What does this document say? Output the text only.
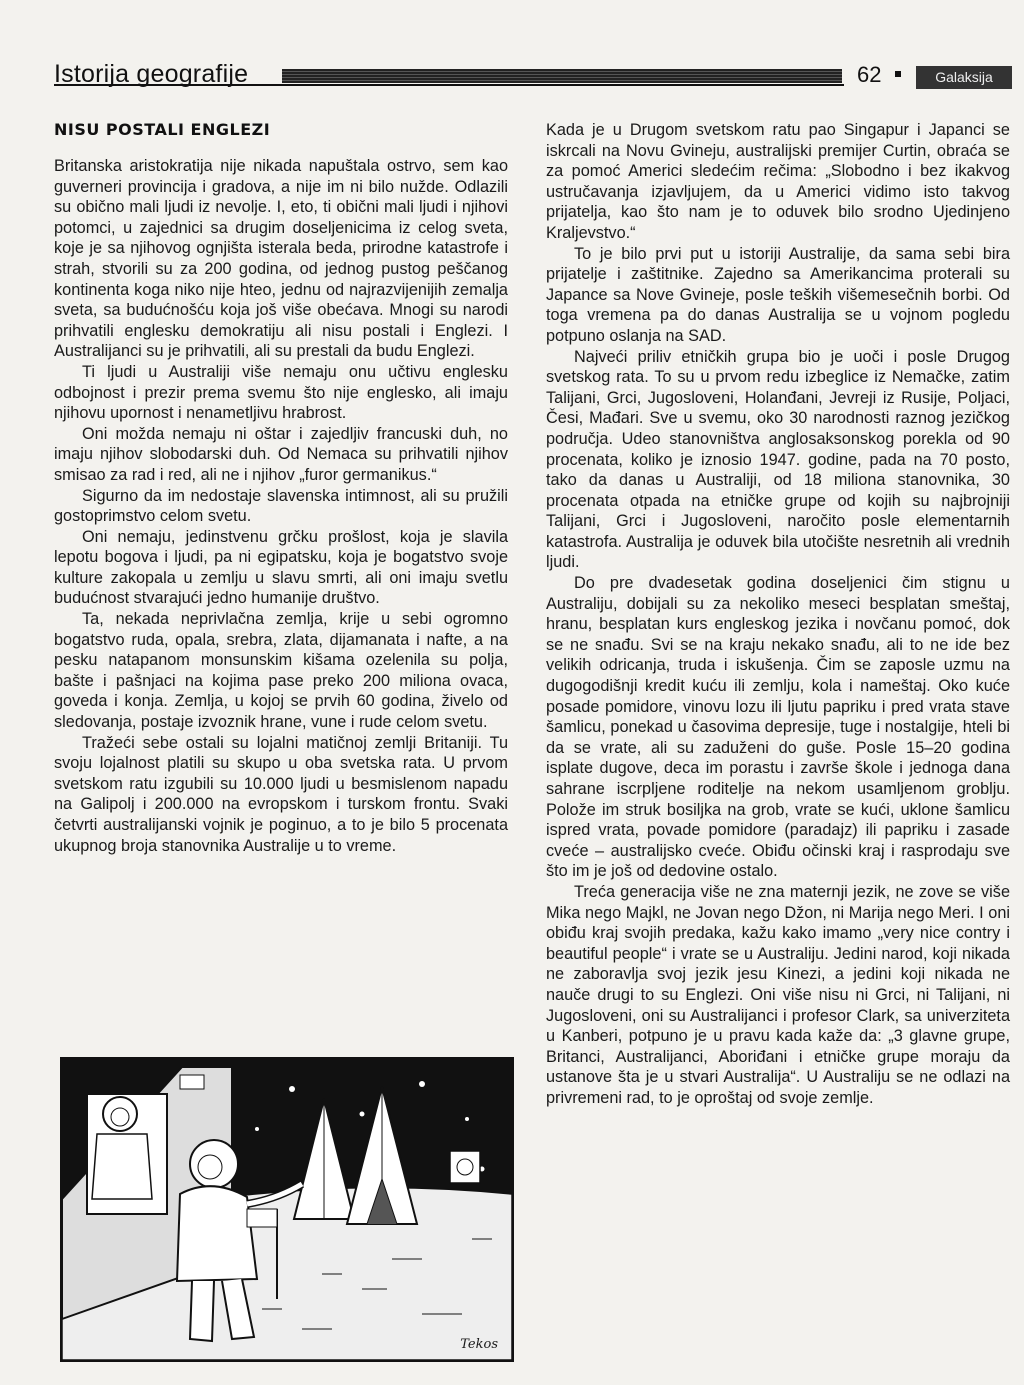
Istorija geografije	62	Galaksija
NISU POSTALI ENGLEZI

Britanska aristokratija nije nikada napuštala ostrvo, sem kao guverneri provincija i gradova, a nije im ni bilo nužde. Odlazili su obično mali ljudi iz nevolje. I, eto, ti obični mali ljudi i njihovi potomci, u zajednici sa drugim doseljenicima iz celog sveta, koje je sa njihovog ognjišta isterala beda, prirodne katastrofe i strah, stvorili su za 200 godina, od jednog pustog peščanog kontinenta koga niko nije hteo, jednu od najrazvijenijih zemalja sveta, sa budućnošću koja još više obećava. Mnogi su narodi prihvatili englesku demokratiju ali nisu postali i Englezi. I Australijanci su je prihvatili, ali su prestali da budu Englezi.

Ti ljudi u Australiji više nemaju onu učtivu englesku odbojnost i prezir prema svemu što nije englesko, ali imaju njihovu upornost i nenametljivu hrabrost.

Oni možda nemaju ni oštar i zajedljiv francuski duh, no imaju njihov slobodarski duh. Od Nemaca su prihvatili njihov smisao za rad i red, ali ne i njihov „furor germanikus.“

Sigurno da im nedostaje slavenska intimnost, ali su pružili gostoprimstvo celom svetu.

Oni nemaju, jedinstvenu grčku prošlost, koja je slavila lepotu bogova i ljudi, pa ni egipatsku, koja je bogatstvo svoje kulture zakopala u zemlju u slavu smrti, ali oni imaju svetlu budućnost stvarajući jedno humanije društvo.

Ta, nekada neprivlačna zemlja, krije u sebi ogromno bogatstvo ruda, opala, srebra, zlata, dijamanata i nafte, a na pesku natapanom monsunskim kišama ozelenila su polja, bašte i pašnjaci na kojima pase preko 200 miliona ovaca, goveda i konja. Zemlja, u kojoj se prvih 60 godina, živelo od sledovanja, postaje izvoznik hrane, vune i rude celom svetu.

Tražeći sebe ostali su lojalni matičnoj zemlji Britaniji. Tu svoju lojalnost platili su skupo u oba svetska rata. U prvom svetskom ratu izgubili su 10.000 ljudi u besmislenom napadu na Galipolj i 200.000 na evropskom i turskom frontu. Svaki četvrti australijanski vojnik je poginuo, a to je bilo 5 procenata ukupnog broja stanovnika Australije u to vreme.

Kada je u Drugom svetskom ratu pao Singapur i Japanci se iskrcali na Novu Gvineju, australijski premijer Curtin, obraća se za pomoć Americi sledećim rečima: „Slobodno i bez ikakvog ustručavanja izjavljujem, da u Americi vidimo isto takvog prijatelja, kao što nam je to oduvek bilo srodno Ujedinjeno Kraljevstvo.“

To je bilo prvi put u istoriji Australije, da sama sebi bira prijatelje i zaštitnike. Zajedno sa Amerikancima proterali su Japance sa Nove Gvineje, posle teških višemesečnih borbi. Od toga vremena pa do danas Australija se u vojnom pogledu potpuno oslanja na SAD.

Najveći priliv etničkih grupa bio je uoči i posle Drugog svetskog rata. To su u prvom redu izbeglice iz Nemačke, zatim Talijani, Grci, Jugosloveni, Holanđani, Jevreji iz Rusije, Poljaci, Česi, Mađari. Sve u svemu, oko 30 narodnosti raznog jezičkog područja. Udeo stanovništva anglosaksonskog porekla od 90 procenata, koliko je iznosio 1947. godine, pada na 70 posto, tako da danas u Australiji, od 18 miliona stanovnika, 30 procenata otpada na etničke grupe od kojih su najbrojniji Talijani, Grci i Jugosloveni, naročito posle elementarnih katastrofa. Australija je oduvek bila utočište nesretnih ali vrednih ljudi.

Do pre dvadesetak godina doseljenici čim stignu u Australiju, dobijali su za nekoliko meseci besplatan smeštaj, hranu, besplatan kurs engleskog jezika i novčanu pomoć, dok se ne snađu. Svi se na kraju nekako snađu, ali to ne ide bez velikih odricanja, truda i iskušenja. Čim se zaposle uzmu na dugogodišnji kredit kuću ili zemlju, kola i nameštaj. Oko kuće posade pomidore, vinovu lozu ili ljutu papriku i pred vrata stave šamlicu, ponekad u časovima depresije, tuge i nostalgije, hteli bi da se vrate, ali su zaduženi do guše. Posle 15–20 godina isplate dugove, deca im porastu i završe škole i jednoga dana sahrane iscrpljene roditelje na nekom usamljenom groblju. Polože im struk bosiljka na grob, vrate se kući, uklone šamlicu ispred vrata, povade pomidore (paradajz) ili papriku i zasade cveće – australijsko cveće. Obiđu očinski kraj i rasprodaju sve što im je još od dedovine ostalo.

Treća generacija više ne zna maternji jezik, ne zove se više Mika nego Majkl, ne Jovan nego Džon, ni Marija nego Meri. I oni obiđu kraj svojih predaka, kažu kako imamo „very nice contry i beautiful people“ i vrate se u Australiju. Jedini narod, koji nikada ne zaboravlja svoj jezik jesu Kinezi, a jedini koji nikada ne nauče drugi to su Englezi. Oni više nisu ni Grci, ni Talijani, ni Jugosloveni, oni su Australijanci i profesor Clark, sa univerziteta u Kanberi, potpuno je u pravu kada kaže da: „3 glavne grupe, Britanci, Australijanci, Aboriđani i etničke grupe moraju da ustanove šta je u stvari Australija“. U Australiju se ne odlazi na privremeni rad, to je oproštaj od svoje zemlje.

Tekos
